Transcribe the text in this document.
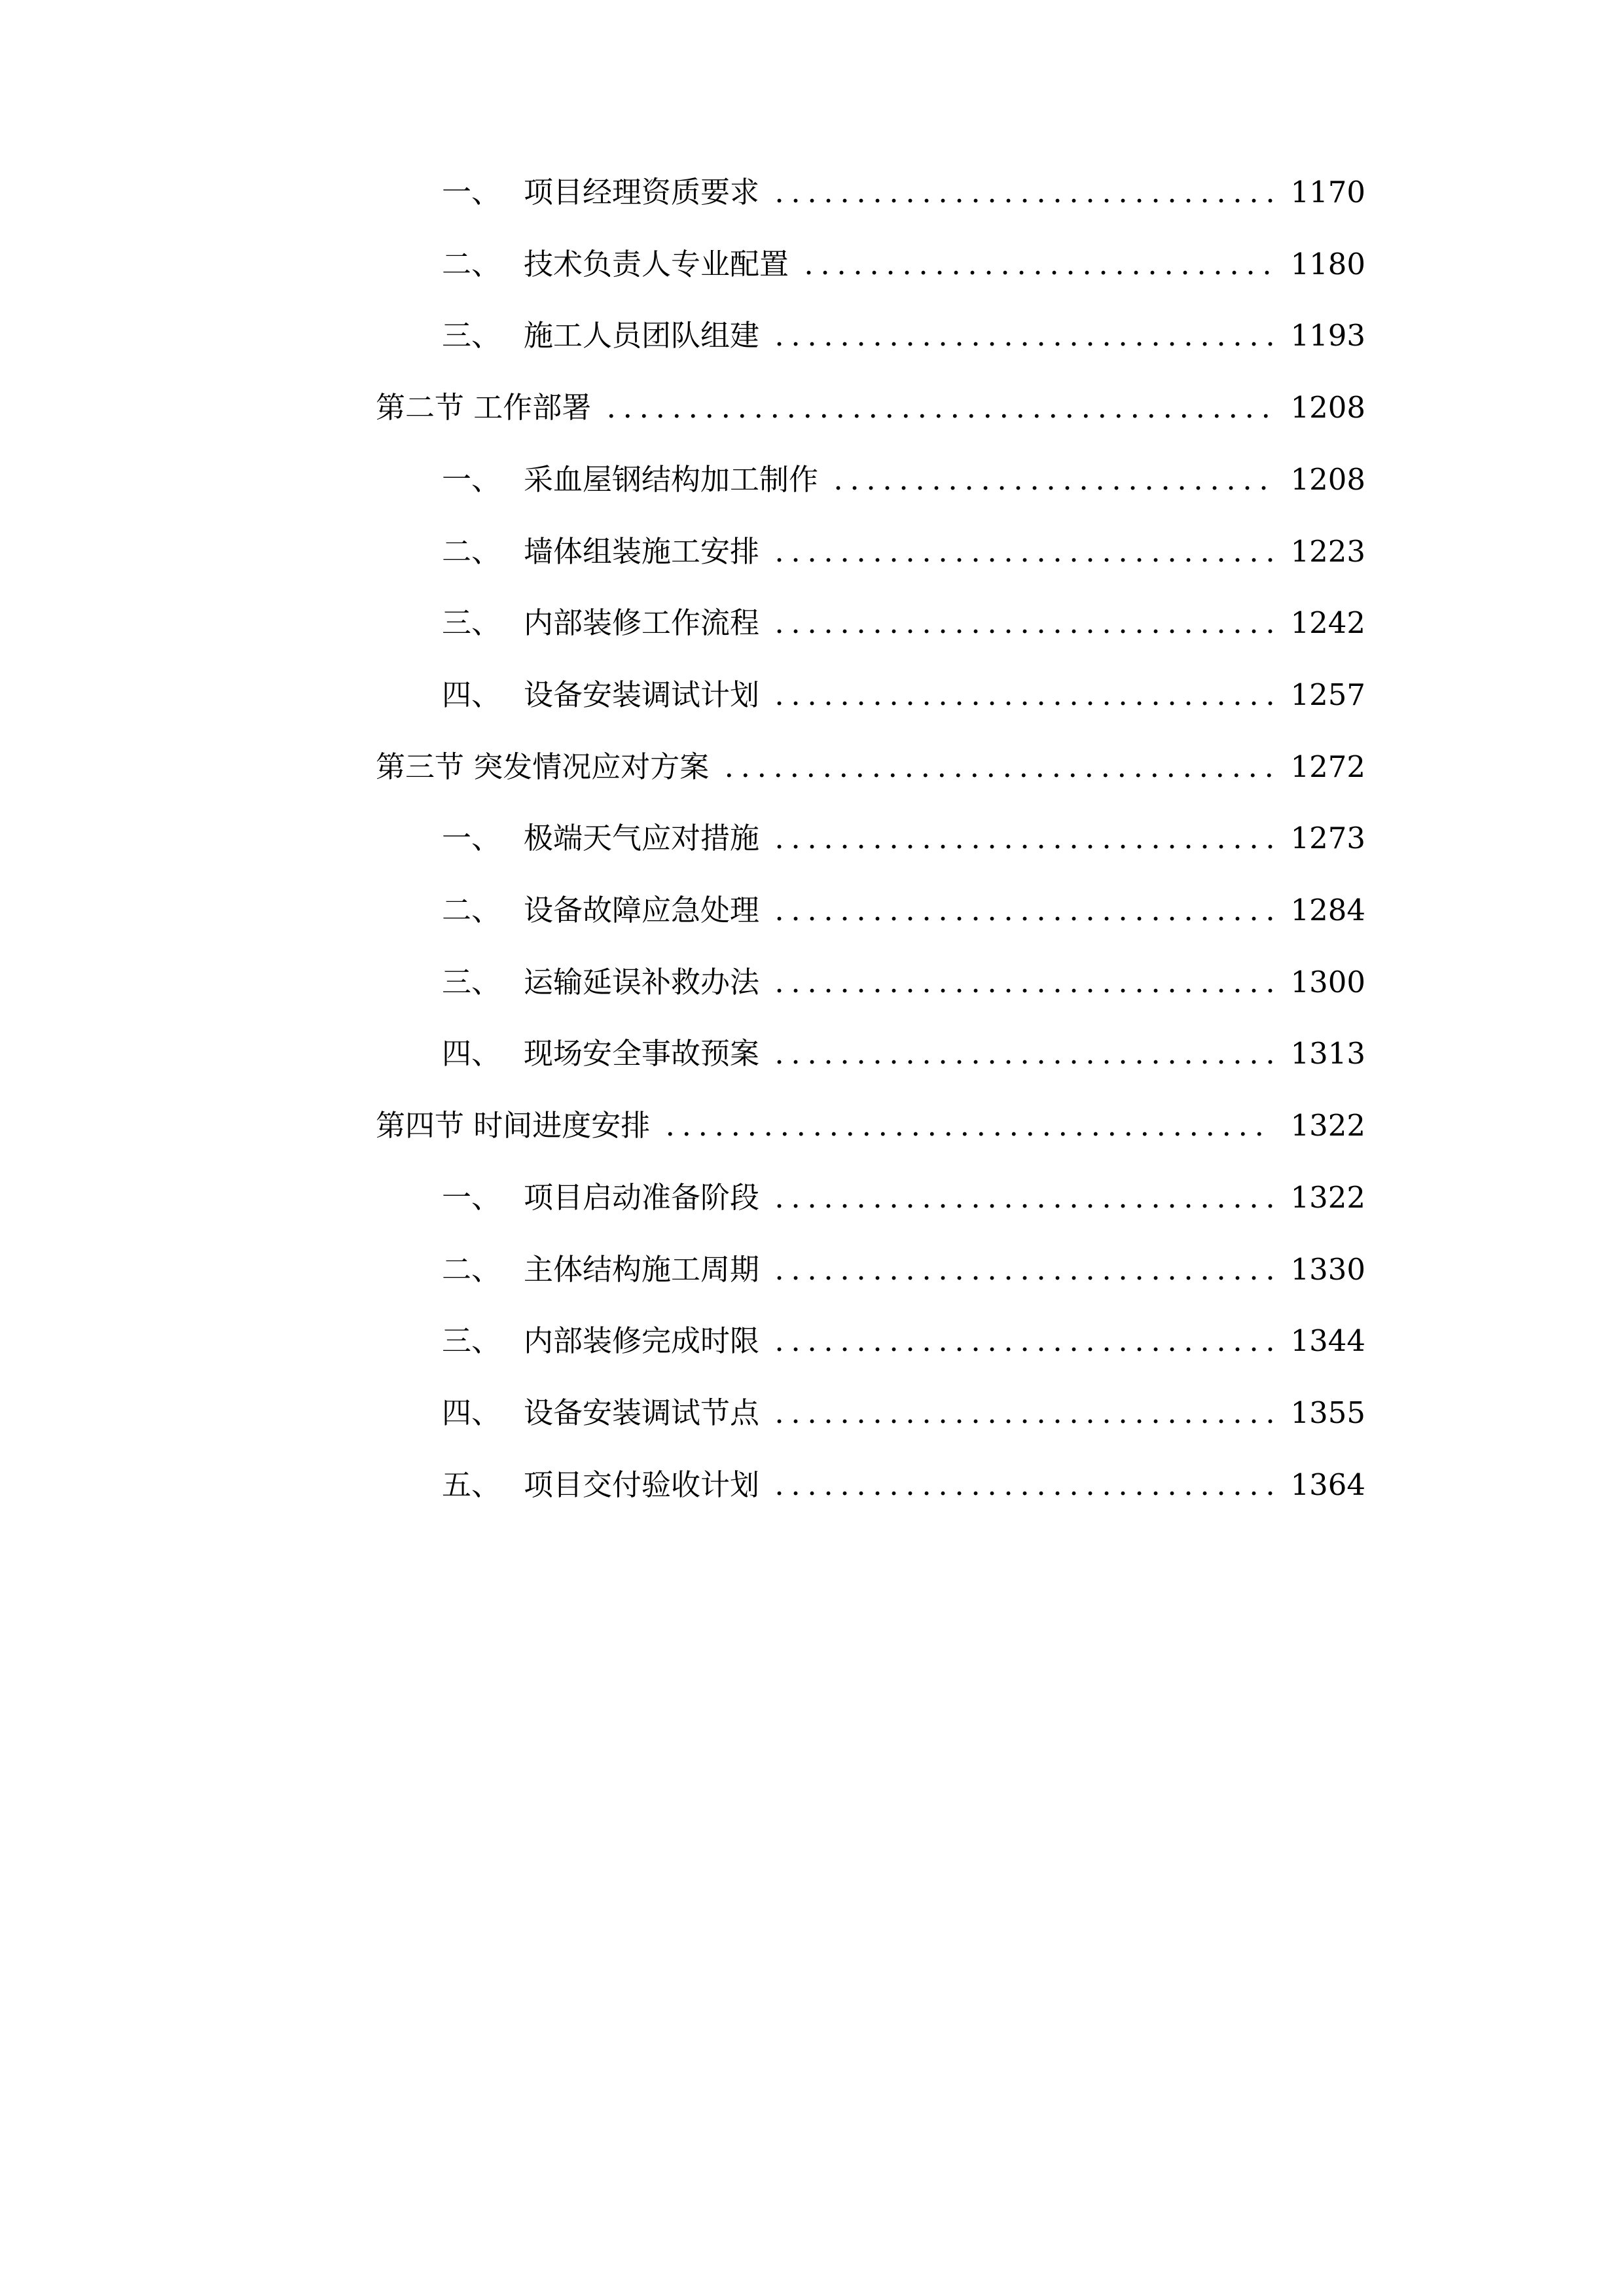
一、 项目经理资质要求	1170
. . . . . . . . . . . . . . . . . . . . . . . . . . . . . . .
二、 技术负责人专业配置	1180
. . . . . . . . . . . . . . . . . . . . . . . . . . . . .
三、 施工人员团队组建	1193
. . . . . . . . . . . . . . . . . . . . . . . . . . . . . . .
第二节 工作部署	1208
. . . . . . . . . . . . . . . . . . . . . . . . . . . . . . . . . . . . . . . . .
一、 采血屋钢结构加工制作	1208
. . . . . . . . . . . . . . . . . . . . . . . . . . .
二、 墙体组装施工安排	1223
. . . . . . . . . . . . . . . . . . . . . . . . . . . . . . .
三、 内部装修工作流程	1242
. . . . . . . . . . . . . . . . . . . . . . . . . . . . . . .
四、 设备安装调试计划	1257
. . . . . . . . . . . . . . . . . . . . . . . . . . . . . . .
第三节 突发情况应对方案	1272
. . . . . . . . . . . . . . . . . . . . . . . . . . . . . . . . . .
一、 极端天气应对措施	1273
. . . . . . . . . . . . . . . . . . . . . . . . . . . . . . .
二、 设备故障应急处理	1284
. . . . . . . . . . . . . . . . . . . . . . . . . . . . . . .
三、 运输延误补救办法	1300
. . . . . . . . . . . . . . . . . . . . . . . . . . . . . . .
四、 现场安全事故预案	1313
. . . . . . . . . . . . . . . . . . . . . . . . . . . . . . .
第四节 时间进度安排	1322
. . . . . . . . . . . . . . . . . . . . . . . . . . . . . . . . . . . . .
一、 项目启动准备阶段	1322
. . . . . . . . . . . . . . . . . . . . . . . . . . . . . . .
二、 主体结构施工周期	1330
. . . . . . . . . . . . . . . . . . . . . . . . . . . . . . .
三、 内部装修完成时限	1344
. . . . . . . . . . . . . . . . . . . . . . . . . . . . . . .
四、 设备安装调试节点	1355
. . . . . . . . . . . . . . . . . . . . . . . . . . . . . . .
五、 项目交付验收计划	1364
. . . . . . . . . . . . . . . . . . . . . . . . . . . . . . .
